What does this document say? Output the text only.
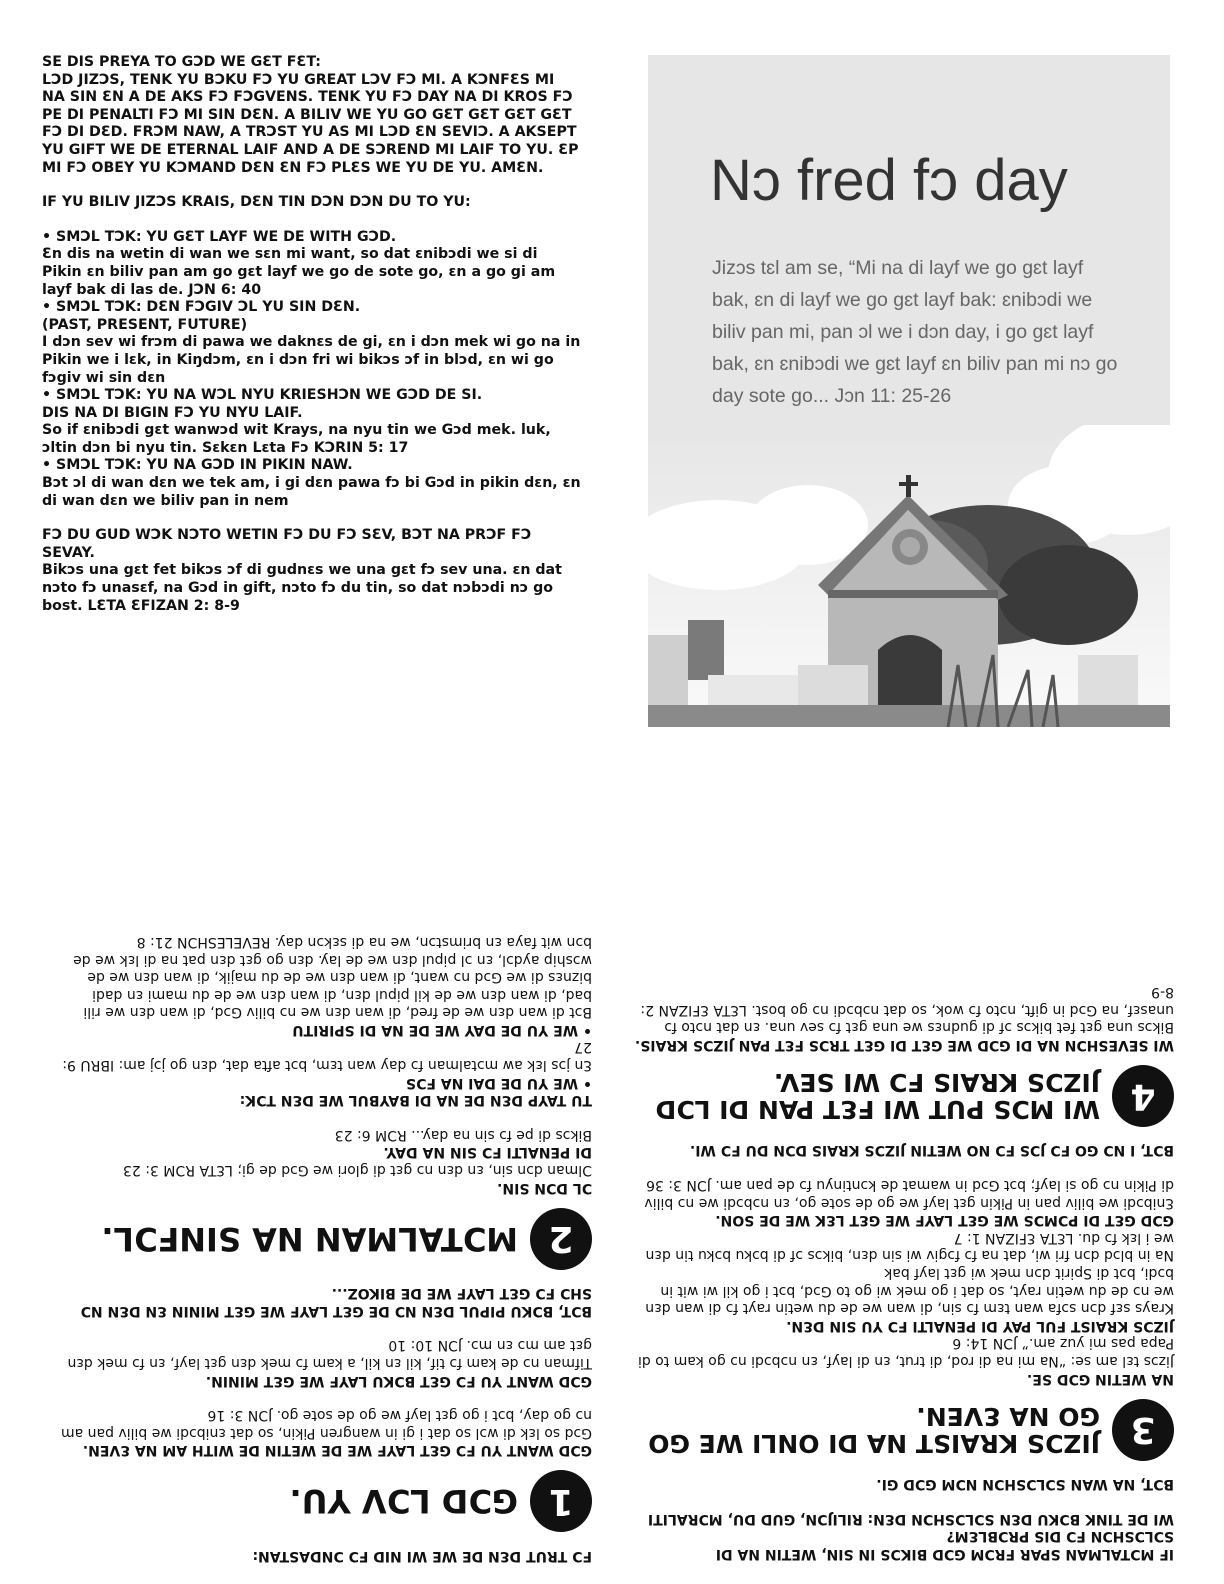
SE DIS PREYA TO GƆD WE GƐT FƐT:

LƆD JIZƆS, TENK YU BƆKU FƆ YU GREAT LƆV FƆ MI. A KƆNFƐS MI NA SIN ƐN A DE AKS FƆ FƆGVENS. TENK YU FƆ DAY NA DI KROS FƆ PE DI PENALTI FƆ MI SIN DƐN. A BILIV WE YU GO GƐT GƐT GƐT GƐT FƆ DI DƐD. FRƆM NAW, A TRƆST YU AS MI LƆD ƐN SEVIƆ. A AKSEPT YU GIFT WE DE ETERNAL LAIF AND A DE SƆREND MI LAIF TO YU. ƐP MI FƆ OBEY YU KƆMAND DƐN ƐN FƆ PLƐS WE YU DE YU. AMƐN.

IF YU BILIV JIZƆS KRAIS, DƐN TIN DƆN DƆN DU TO YU:

• SMƆL TƆK: YU GƐT LAYF WE DE WITH GƆD.

Ɛn dis na wetin di wan we sɛn mi want, so dat ɛnibɔdi we si di Pikin ɛn biliv pan am go gɛt layf we go de sote go, ɛn a go gi am layf bak di las de. JƆN 6: 40

• SMƆL TƆK: DƐN FƆGIV ƆL YU SIN DƐN.

(PAST, PRESENT, FUTURE)

I dɔn sev wi frɔm di pawa we daknɛs de gi, ɛn i dɔn mek wi go na in Pikin we i lɛk, in Kiŋdɔm, ɛn i dɔn fri wi bikɔs ɔf in blɔd, ɛn wi go fɔgiv wi sin dɛn

• SMƆL TƆK: YU NA WƆL NYU KRIESHƆN WE GƆD DE SI.

DIS NA DI BIGIN FƆ YU NYU LAIF.

So if ɛnibɔdi gɛt wanwɔd wit Krays, na nyu tin we Gɔd mek. luk, ɔltin dɔn bi nyu tin. Sɛkɛn Lɛta Fɔ KƆRIN 5: 17

• SMƆL TƆK: YU NA GƆD IN PIKIN NAW.

Bɔt ɔl di wan dɛn we tek am, i gi dɛn pawa fɔ bi Gɔd in pikin dɛn, ɛn di wan dɛn we biliv pan in nem

FƆ DU GUD WƆK NƆTO WETIN FƆ DU FƆ SƐV, BƆT NA PRƆF FƆ SEVAY.

Bikɔs una gɛt fet bikɔs ɔf di gudnɛs we una gɛt fɔ sev una. ɛn dat nɔto fɔ unasɛf, na Gɔd in gift, nɔto fɔ du tin, so dat nɔbɔdi nɔ go bost. LƐTA ƐFIZAN 2: 8-9

Nɔ fred fɔ day
Jizɔs tɛl am se, “Mi na di layf we go gɛt layf bak, ɛn di layf we go gɛt layf bak: ɛnibɔdi we biliv pan mi, pan ɔl we i dɔn day, i go gɛt layf bak, ɛn ɛnibɔdi we gɛt layf ɛn biliv pan mi nɔ go day sote go... Jɔn 11: 25-26

FƆ TRUT DƐN DE WE WI NID FƆ ƆNDASTAN:

1
GƆD LƆV YU.

GƆD WANT YU FƆ GƐT LAYF WE DE WETIN DE WITH AM NA ƐVEN.

Gɔd so lɛk di wɔl so dat i gi in wangren Pikin, so dat ɛnibɔdi we biliv pan am nɔ go day, bɔt i go gɛt layf we go de sote go. JƆN 3: 16

GƆD WANT YU FƆ GƐT BƆKU LAYF WE GƐT MININ.

Tifman nɔ de kam fɔ tif, kil ɛn kil, a kam fɔ mek dɛn gɛt layf, ɛn fɔ mek dɛn gɛt am mɔ ɛn mɔ. JƆN 10: 10

BƆT, BƆKU PIPUL DƐN NƆ DE GƐT LAYF WE GƐT MININ ƐN DƐN NƆ SHƆ FƆ GƐT LAYF WE DE BIKOZ...

2
MƆTALMAN NA SINFƆL.

ƆL DƆN SIN.

Ɔlman dɔn sin, ɛn dɛn nɔ gɛt di glori we Gɔd de gi; LƐTA RƆM 3: 23

DI PENALTI FƆ SIN NA DAY.

Bikɔs di pe fɔ sin na day... RƆM 6: 23

TU TAYP DƐN DE NA DI BAYBUL WE DƐN TƆK:

• WE YU DE DAI NA FƆS

Ɛn jɔs lɛk aw mɔtalman fɔ day wan tɛm, bɔt afta dat, dɛn go jɔj am: IBRU 9: 27

• WE YU DE DAY WE DE NA DI SPIRITU

Bɔt di wan dɛn we de fred, di wan dɛn we nɔ biliv Gɔd, di wan dɛn we rili bad, di wan dɛn we de kil pipul dɛn, di wan dɛn we de du mami ɛn dadi biznɛs di we Gɔd nɔ want, di wan dɛn we de du majik, di wan dɛn we de wɔship aydɔl, ɛn ɔl pipul dɛn we de lay. dɛn go gɛt dɛn pat na di lɛk we de bɔn wit faya ɛn brimstɔn, we na di sɛkɔn day. REVELESHƆN 21: 8

IF MƆTALMAN SPAR FRƆM GƆD BIKƆS IN SIN, WETIN NA DI SƆLƆSHƆN FƆ DIS PRƆBLƐM?

WI DE TINK BƆKU DƐN SƆLƆSHƆN DƐN: RILIJƆN, GUD DU, MƆRALITI

BƆT, NA WAN SƆLƆSHƆN NƆM GƆD GI.

3
JIZƆS KRAIST NA DI ONLI WE GO GO NA ƐVEN.

NA WETIN GƆD SE.

Jizɔs tɛl am se: “Na mi na di rod, di trut, ɛn di layf, ɛn nɔbɔdi nɔ go kam to di Papa pas mi yuz am.” JƆN 14: 6

JIZƆS KRAIST FUL PAY DI PENALTI FƆ YU SIN DƐN.

Krays sɛf dɔn sɔfa wan tɛm fɔ sin, di wan we de du wetin rayt fɔ di wan dɛn we nɔ de du wetin rayt, so dat i go mek wi go to Gɔd, bɔt i go kil wi wit in bɔdi, bɔt di Spirit dɔn mek wi gɛt layf bak

Na in blɔd dɔn fri wi, dat na fɔ fɔgiv wi sin dɛn, bikɔs ɔf di bɔku bɔku tin dɛn we i lɛk fɔ du. LƐTA ƐFIZAN 1: 7

GƆD GƐT DI PƆMƆS WE GƐT LAYF WE GƐT LƐK WE DE SON.

Ɛnibɔdi we biliv pan in Pikin gɛt layf we go de sote go, ɛn nɔbɔdi we nɔ biliv di Pikin nɔ go si layf; bɔt Gɔd in wamat de kɔntinyu fɔ de pan am. JƆN 3: 36

BƆT, I NƆ GO FƆ JƆS FƆ NO WETIN JIZƆS KRAIS DƆN DU FƆ WI.

4
WI MƆS PUT WI FƐT PAN DI LƆD JIZƆS KRAIS FƆ WI SEV.

WI SEVESHƆN NA DI GƆD WE GƐT DI GƐT TRƆS FƐT PAN JIZƆS KRAIS.

Bikɔs una gɛt fet bikɔs ɔf di gudnɛs we una gɛt fɔ sev una. ɛn dat nɔto fɔ unasɛf, na Gɔd in gift, nɔto fɔ wok, so dat nɔbɔdi nɔ go bost. LƐTA ƐFIZAN 2: 8-9
